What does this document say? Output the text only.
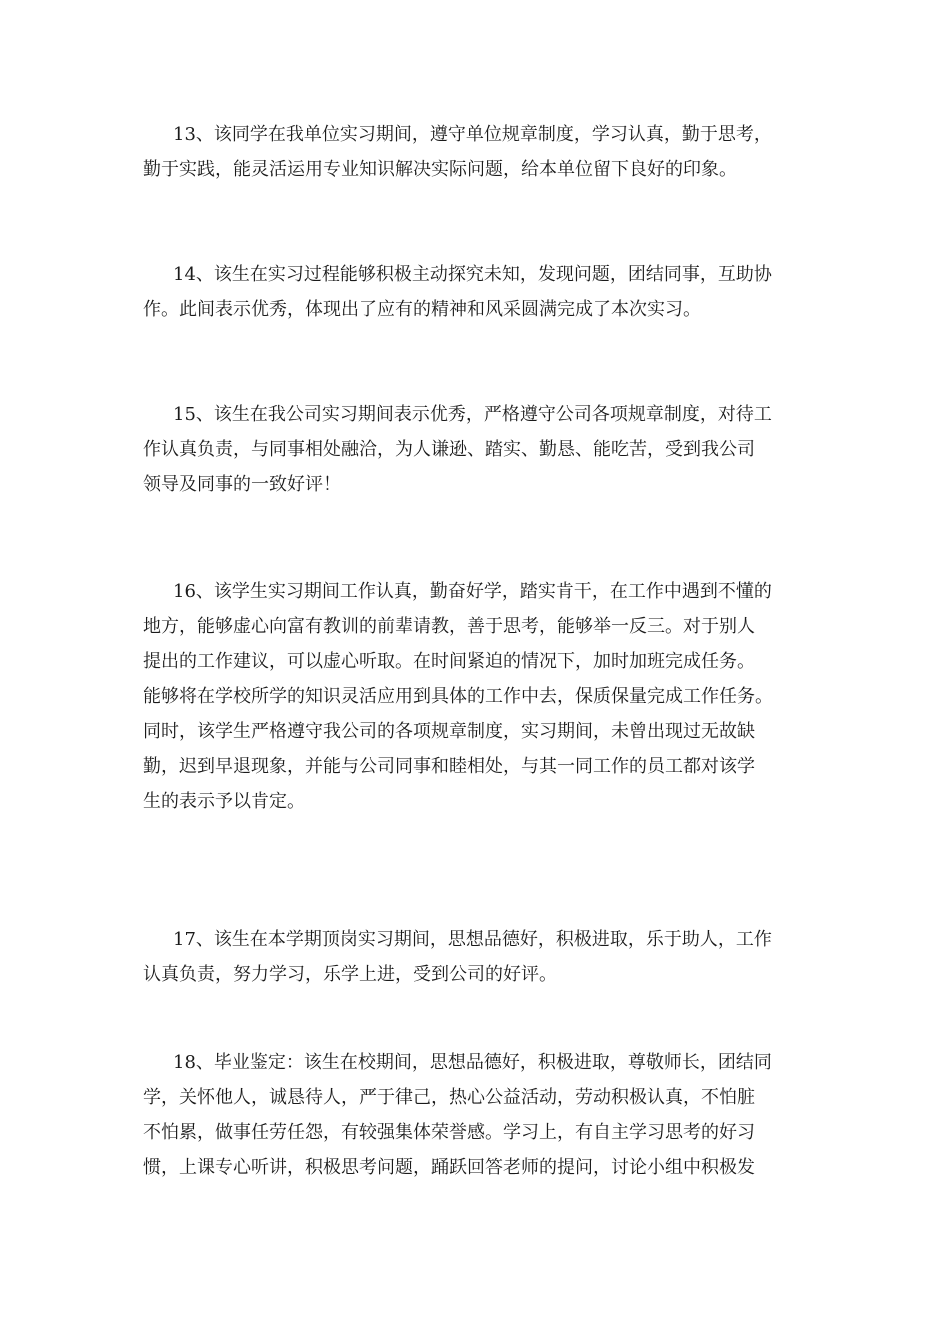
13、该同学在我单位实习期间，遵守单位规章制度，学习认真，勤于思考，
勤于实践，能灵活运用专业知识解决实际问题，给本单位留下良好的印象。
14、该生在实习过程能够积极主动探究未知，发现问题，团结同事，互助协
作。此间表示优秀，体现出了应有的精神和风采圆满完成了本次实习。
15、该生在我公司实习期间表示优秀，严格遵守公司各项规章制度，对待工
作认真负责，与同事相处融洽，为人谦逊、踏实、勤恳、能吃苦，受到我公司
领导及同事的一致好评！
16、该学生实习期间工作认真，勤奋好学，踏实肯干，在工作中遇到不懂的
地方，能够虚心向富有教训的前辈请教，善于思考，能够举一反三。对于别人
提出的工作建议，可以虚心听取。在时间紧迫的情况下，加时加班完成任务。
能够将在学校所学的知识灵活应用到具体的工作中去，保质保量完成工作任务。
同时，该学生严格遵守我公司的各项规章制度，实习期间，未曾出现过无故缺
勤，迟到早退现象，并能与公司同事和睦相处，与其一同工作的员工都对该学
生的表示予以肯定。
17、该生在本学期顶岗实习期间，思想品德好，积极进取，乐于助人，工作
认真负责，努力学习，乐学上进，受到公司的好评。
18、毕业鉴定：该生在校期间，思想品德好，积极进取，尊敬师长，团结同
学，关怀他人，诚恳待人，严于律己，热心公益活动，劳动积极认真，不怕脏
不怕累，做事任劳任怨，有较强集体荣誉感。学习上，有自主学习思考的好习
惯，上课专心听讲，积极思考问题，踊跃回答老师的提问，讨论小组中积极发
